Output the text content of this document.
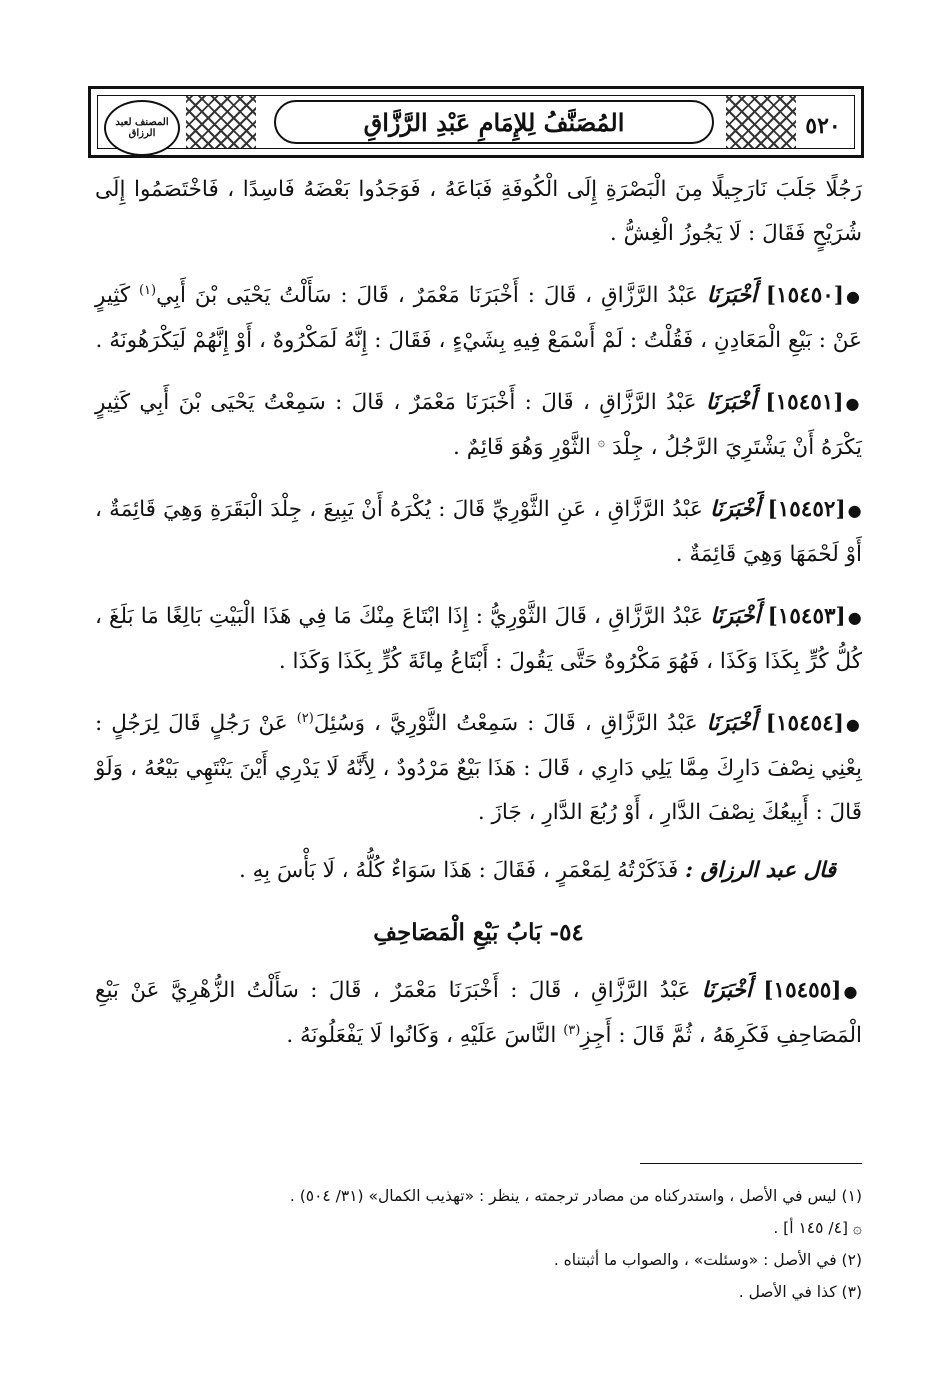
المصنف لعبد الرزاق	المُصَنَّفُ لِلإِمَامِ عَبْدِ الرَّزَّاقِ	٥٢٠

رَجُلًا جَلَبَ نَارَجِيلًا مِنَ الْبَصْرَةِ إِلَى الْكُوفَةِ فَبَاعَهُ ، فَوَجَدُوا بَعْضَهُ فَاسِدًا ، فَاخْتَصَمُوا إِلَى شُرَيْحٍ فَقَالَ : لَا يَجُوزُ الْغِشُّ .

●[١٥٤٥٠] أَخْبَرَنَا عَبْدُ الرَّزَّاقِ ، قَالَ : أَخْبَرَنَا مَعْمَرٌ ، قَالَ : سَأَلْتُ يَحْيَى بْنَ أَبِي$^{(١)}$ كَثِيرٍ عَنْ : بَيْعِ الْمَعَادِنِ ، فَقُلْتُ : لَمْ أَسْمَعْ فِيهِ بِشَيْءٍ ، فَقَالَ : إِنَّهُ لَمَكْرُوهٌ ، أَوْ إِنَّهُمْ لَيَكْرَهُونَهُ .

●[١٥٤٥١] أَخْبَرَنَا عَبْدُ الرَّزَّاقِ ، قَالَ : أَخْبَرَنَا مَعْمَرٌ ، قَالَ : سَمِعْتُ يَحْيَى بْنَ أَبِي كَثِيرٍ يَكْرَهُ أَنْ يَشْتَرِيَ الرَّجُلُ ، جِلْدَ ۞ الثَّوْرِ وَهُوَ قَائِمٌ .

●[١٥٤٥٢] أَخْبَرَنَا عَبْدُ الرَّزَّاقِ ، عَنِ الثَّوْرِيِّ قَالَ : يُكْرَهُ أَنْ يَبِيعَ ، جِلْدَ الْبَقَرَةِ وَهِيَ قَائِمَةٌ ، أَوْ لَحْمَهَا وَهِيَ قَائِمَةٌ .

●[١٥٤٥٣] أَخْبَرَنَا عَبْدُ الرَّزَّاقِ ، قَالَ الثَّوْرِيُّ : إِذَا ابْتَاعَ مِنْكَ مَا فِي هَذَا الْبَيْتِ بَالِغًا مَا بَلَغَ ، كُلُّ كُرٍّ بِكَذَا وَكَذَا ، فَهُوَ مَكْرُوهٌ حَتَّى يَقُولَ : أَبْتَاعُ مِائَةَ كُرٍّ بِكَذَا وَكَذَا .

●[١٥٤٥٤] أَخْبَرَنَا عَبْدُ الرَّزَّاقِ ، قَالَ : سَمِعْتُ الثَّوْرِيَّ ، وَسُئِلَ$^{(٢)}$ عَنْ رَجُلٍ قَالَ لِرَجُلٍ : بِعْنِي نِصْفَ دَارِكَ مِمَّا يَلِي دَارِي ، قَالَ : هَذَا بَيْعٌ مَرْدُودٌ ، لِأَنَّهُ لَا يَدْرِي أَيْنَ يَنْتَهِي بَيْعُهُ ، وَلَوْ قَالَ : أَبِيعُكَ نِصْفَ الدَّارِ ، أَوْ رُبُعَ الدَّارِ ، جَازَ .

قال عبد الرزاق : فَذَكَرْتُهُ لِمَعْمَرٍ ، فَقَالَ : هَذَا سَوَاءٌ كُلُّهُ ، لَا بَأْسَ بِهِ .

٥٤- بَابُ بَيْعِ الْمَصَاحِفِ

●[١٥٤٥٥] أَخْبَرَنَا عَبْدُ الرَّزَّاقِ ، قَالَ : أَخْبَرَنَا مَعْمَرٌ ، قَالَ : سَأَلْتُ الزُّهْرِيَّ عَنْ بَيْعِ الْمَصَاحِفِ فَكَرِهَهُ ، ثُمَّ قَالَ : أَجِزِ$^{(٣)}$ النَّاسَ عَلَيْهِ ، وَكَانُوا لَا يَفْعَلُونَهُ .

(١) ليس في الأصل ، واستدركناه من مصادر ترجمته ، ينظر : «تهذيب الكمال» (٣١/ ٥٠٤) .

۞ [٤/ ١٤٥ أ] .

(٢) في الأصل : «وسئلت» ، والصواب ما أثبتناه .

(٣) كذا في الأصل .
